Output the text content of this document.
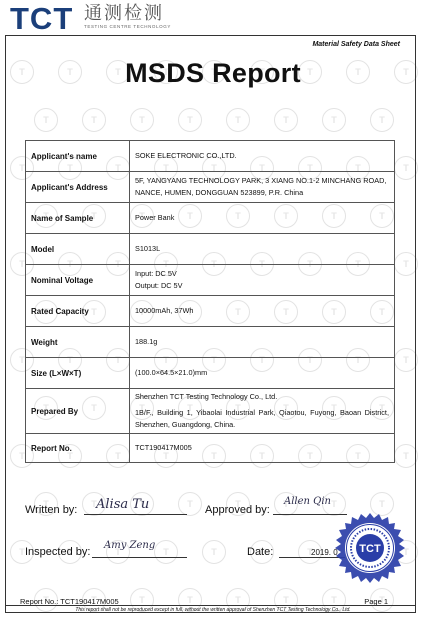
T
T
T
T
T
T
T
T
T
T
T
T
T
T
T
T
T
T
T
T
T
T
T
T
T
T
T
T
T
T
T
T
T
T
T
T
T
T
T
T
T
T
T
T
T
T
T
T
T
T
T
T
T
T
T
T
T
T
T
T
T
T
T
T
T
T
T
T
T
T
T
T
T
T
T
T
T
T
T
T
T
T
T
T
T
T
T
T
T
T
T
T
T
T
T
T
T
T
T
T
T
T
TCT 通测检测
TESTING CENTRE TECHNOLOGY
Material Safety Data Sheet
MSDS Report
Applicant's name	SOKE ELECTRONIC CO.,LTD.
Applicant's Address	5F, YANGYANG TECHNOLOGY PARK, 3 XIANG NO.1-2 MINCHANG ROAD, NANCE, HUMEN, DONGGUAN 523899, P.R. China
Name of Sample	Power Bank
Model	S1013L
Nominal Voltage	Input: DC 5V
Output: DC 5V

Rated Capacity	10000mAh, 37Wh
Weight	188.1g
Size (L×W×T)	(100.0×64.5×21.0)mm
Prepared By	Shenzhen TCT Testing Technology Co., Ltd.
1B/F., Building 1, Yibaolai Industrial Park, Qiaotou, Fuyong, Baoan District, Shenzhen, Guangdong, China.

Report No.	TCT190417M005
Written by: Alisa Tu	Approved by:
Allen Qin
Inspected by:
Amy Zeng
Date:	2019. 0 TCT
Report No.: TCT190417M005	Page 1
This report shall not be reproduced except in full, without the written approval of Shenzhen TCT Testing Technology Co., Ltd.
